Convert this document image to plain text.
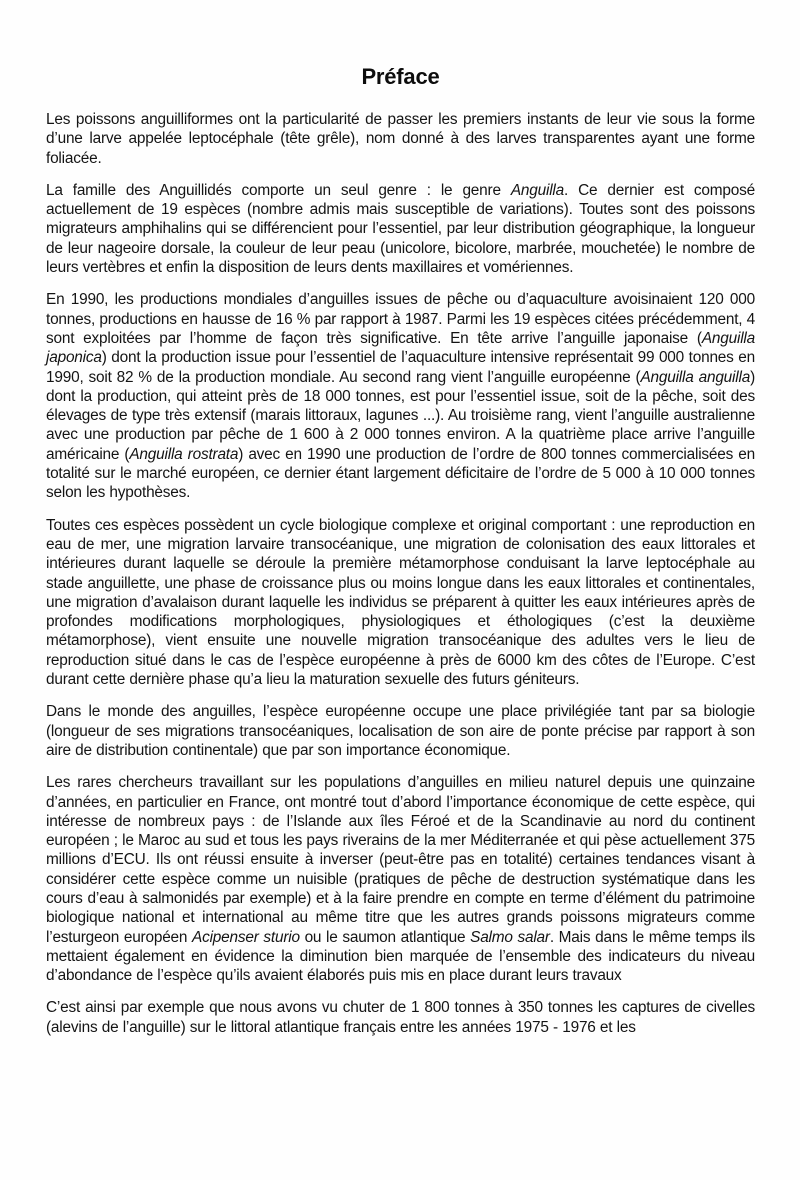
Préface

Les poissons anguilliformes ont la particularité de passer les premiers instants de leur vie sous la forme d’une larve appelée leptocéphale (tête grêle), nom donné à des larves transparentes ayant une forme foliacée.

La famille des Anguillidés comporte un seul genre : le genre Anguilla. Ce dernier est composé actuellement de 19 espèces (nombre admis mais susceptible de variations). Toutes sont des poissons migrateurs amphihalins qui se différencient pour l’essentiel, par leur distribution géographique, la longueur de leur nageoire dorsale, la couleur de leur peau (unicolore, bicolore, marbrée, mouchetée) le nombre de leurs vertèbres et enfin la disposition de leurs dents maxillaires et vomériennes.

En 1990, les productions mondiales d’anguilles issues de pêche ou d’aquaculture avoisinaient 120 000 tonnes, productions en hausse de 16 % par rapport à 1987. Parmi les 19 espèces citées précédemment, 4 sont exploitées par l’homme de façon très significative. En tête arrive l’anguille japonaise (Anguilla japonica) dont la production issue pour l’essentiel de l’aquaculture intensive représentait 99 000 tonnes en 1990, soit 82 % de la production mondiale. Au second rang vient l’anguille européenne (Anguilla anguilla) dont la production, qui atteint près de 18 000 tonnes, est pour l’essentiel issue, soit de la pêche, soit des élevages de type très extensif (marais littoraux, lagunes ...). Au troisième rang, vient l’anguille australienne avec une production par pêche de 1 600 à 2 000 tonnes environ. A la quatrième place arrive l’anguille américaine (Anguilla rostrata) avec en 1990 une production de l’ordre de 800 tonnes commercialisées en totalité sur le marché européen, ce dernier étant largement déficitaire de l’ordre de 5 000 à 10 000 tonnes selon les hypothèses.

Toutes ces espèces possèdent un cycle biologique complexe et original comportant : une reproduction en eau de mer, une migration larvaire transocéanique, une migration de colonisation des eaux littorales et intérieures durant laquelle se déroule la première métamorphose conduisant la larve leptocéphale au stade anguillette, une phase de croissance plus ou moins longue dans les eaux littorales et continentales, une migration d’avalaison durant laquelle les individus se préparent à quitter les eaux intérieures après de profondes modifications morphologiques, physiologiques et éthologiques (c’est la deuxième métamorphose), vient ensuite une nouvelle migration transocéanique des adultes vers le lieu de reproduction situé dans le cas de l’espèce européenne à près de 6000 km des côtes de l’Europe. C’est durant cette dernière phase qu’a lieu la maturation sexuelle des futurs géniteurs.

Dans le monde des anguilles, l’espèce européenne occupe une place privilégiée tant par sa biologie (longueur de ses migrations transocéaniques, localisation de son aire de ponte précise par rapport à son aire de distribution continentale) que par son importance économique.

Les rares chercheurs travaillant sur les populations d’anguilles en milieu naturel depuis une quinzaine d’années, en particulier en France, ont montré tout d’abord l’importance économique de cette espèce, qui intéresse de nombreux pays : de l’Islande aux îles Féroé et de la Scandinavie au nord du continent européen ; le Maroc au sud et tous les pays riverains de la mer Méditerranée et qui pèse actuellement 375 millions d’ECU. Ils ont réussi ensuite à inverser (peut-être pas en totalité) certaines tendances visant à considérer cette espèce comme un nuisible (pratiques de pêche de destruction systématique dans les cours d’eau à salmonidés par exemple) et à la faire prendre en compte en terme d’élément du patrimoine biologique national et international au même titre que les autres grands poissons migrateurs comme l’esturgeon européen Acipenser sturio ou le saumon atlantique Salmo salar. Mais dans le même temps ils mettaient également en évidence la diminution bien marquée de l’ensemble des indicateurs du niveau d’abondance de l’espèce qu’ils avaient élaborés puis mis en place durant leurs travaux

C’est ainsi par exemple que nous avons vu chuter de 1 800 tonnes à 350 tonnes les captures de civelles (alevins de l’anguille) sur le littoral atlantique français entre les années 1975 - 1976 et les
